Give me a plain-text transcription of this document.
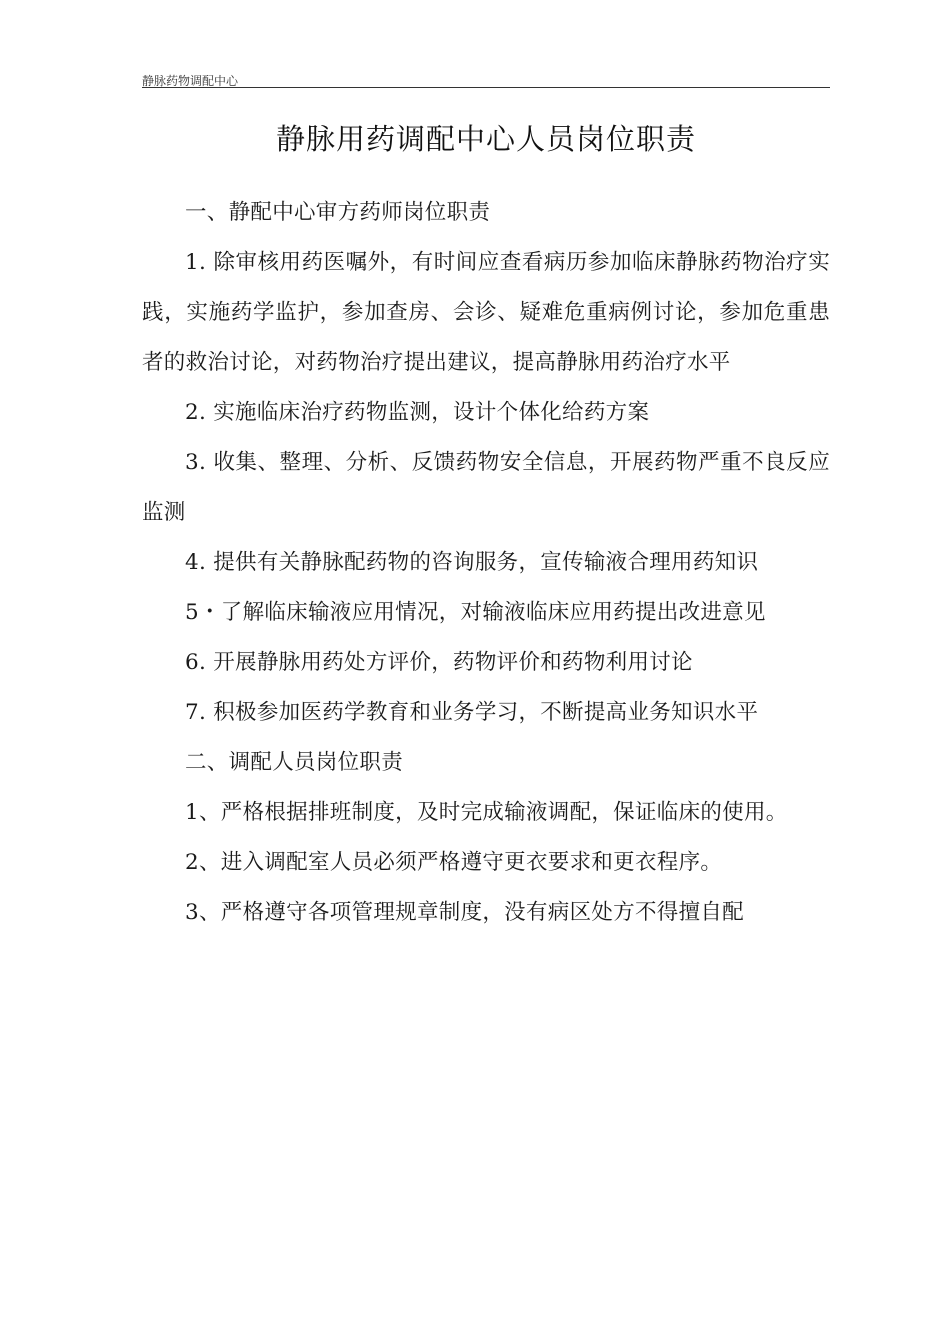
静脉药物调配中心
静脉用药调配中心人员岗位职责

一、静配中心审方药师岗位职责

1. 除审核用药医嘱外，有时间应查看病历参加临床静脉药物治疗实践，实施药学监护，参加查房、会诊、疑难危重病例讨论，参加危重患者的救治讨论，对药物治疗提出建议，提高静脉用药治疗水平

2. 实施临床治疗药物监测，设计个体化给药方案

3. 收集、整理、分析、反馈药物安全信息，开展药物严重不良反应监测

4. 提供有关静脉配药物的咨询服务，宣传输液合理用药知识

5・了解临床输液应用情况，对输液临床应用药提出改进意见

6. 开展静脉用药处方评价，药物评价和药物利用讨论

7. 积极参加医药学教育和业务学习，不断提高业务知识水平

二、调配人员岗位职责

1、严格根据排班制度，及时完成输液调配，保证临床的使用。

2、进入调配室人员必须严格遵守更衣要求和更衣程序。

3、严格遵守各项管理规章制度，没有病区处方不得擅自配
